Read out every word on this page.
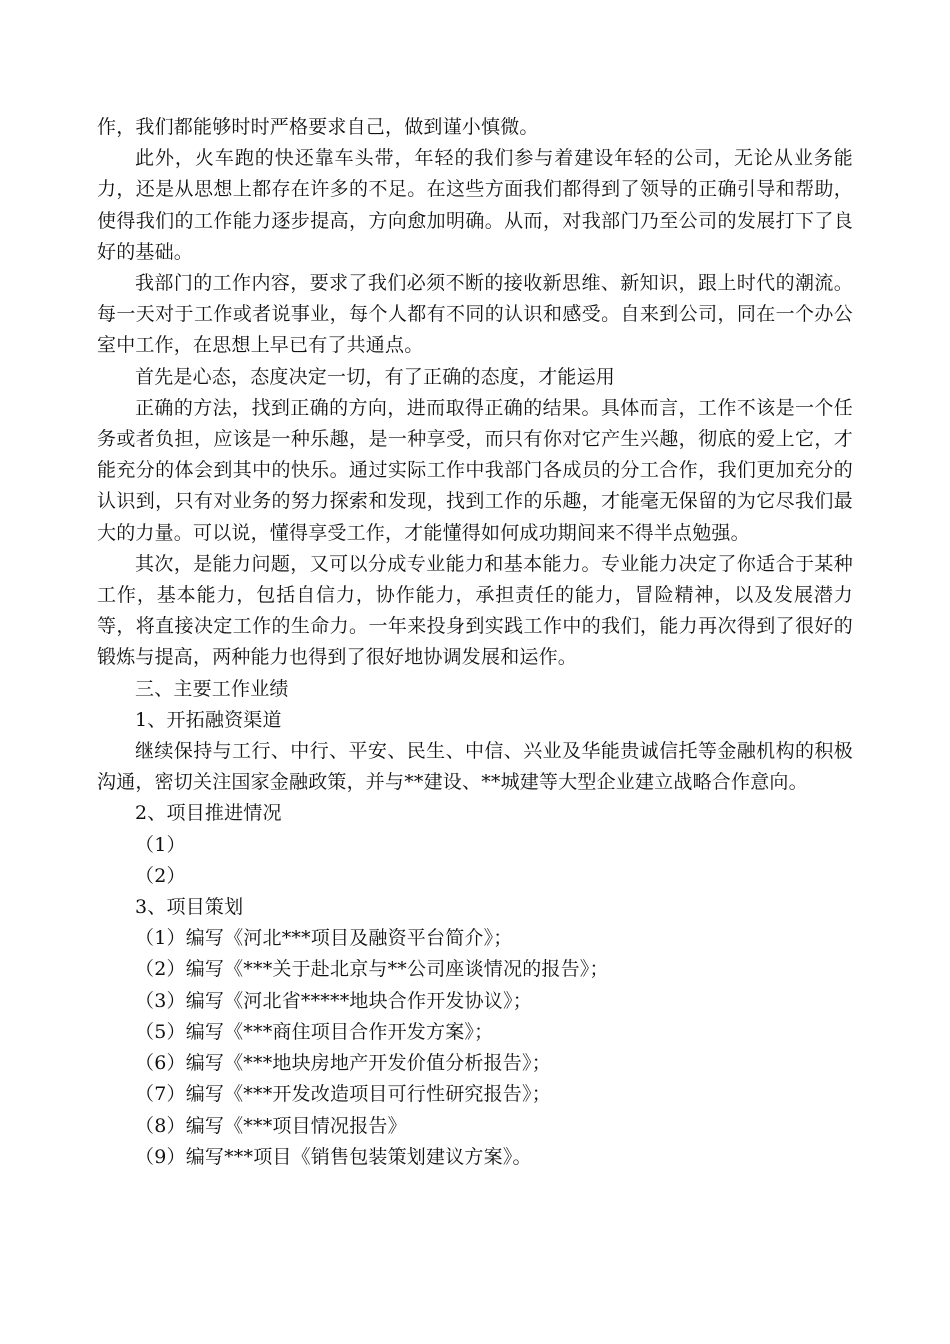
作，我们都能够时时严格要求自己，做到谨小慎微。

此外，火车跑的快还靠车头带，年轻的我们参与着建设年轻的公司，无论从业务能力，还是从思想上都存在许多的不足。在这些方面我们都得到了领导的正确引导和帮助，使得我们的工作能力逐步提高，方向愈加明确。从而，对我部门乃至公司的发展打下了良好的基础。

我部门的工作内容，要求了我们必须不断的接收新思维、新知识，跟上时代的潮流。每一天对于工作或者说事业，每个人都有不同的认识和感受。自来到公司，同在一个办公室中工作，在思想上早已有了共通点。

首先是心态，态度决定一切，有了正确的态度，才能运用

正确的方法，找到正确的方向，进而取得正确的结果。具体而言，工作不该是一个任务或者负担，应该是一种乐趣，是一种享受，而只有你对它产生兴趣，彻底的爱上它，才能充分的体会到其中的快乐。通过实际工作中我部门各成员的分工合作，我们更加充分的认识到，只有对业务的努力探索和发现，找到工作的乐趣，才能毫无保留的为它尽我们最大的力量。可以说，懂得享受工作，才能懂得如何成功期间来不得半点勉强。

其次，是能力问题，又可以分成专业能力和基本能力。专业能力决定了你适合于某种工作，基本能力，包括自信力，协作能力，承担责任的能力，冒险精神，以及发展潜力等，将直接决定工作的生命力。一年来投身到实践工作中的我们，能力再次得到了很好的锻炼与提高，两种能力也得到了很好地协调发展和运作。

三、主要工作业绩

1、开拓融资渠道

继续保持与工行、中行、平安、民生、中信、兴业及华能贵诚信托等金融机构的积极沟通，密切关注国家金融政策，并与**建设、**城建等大型企业建立战略合作意向。

2、项目推进情况

（1）

（2）

3、项目策划

（1）编写《河北***项目及融资平台简介》；

（2）编写《***关于赴北京与**公司座谈情况的报告》；

（3）编写《河北省*****地块合作开发协议》；

（5）编写《***商住项目合作开发方案》；

（6）编写《***地块房地产开发价值分析报告》；

（7）编写《***开发改造项目可行性研究报告》；

（8）编写《***项目情况报告》

（9）编写***项目《销售包装策划建议方案》。
